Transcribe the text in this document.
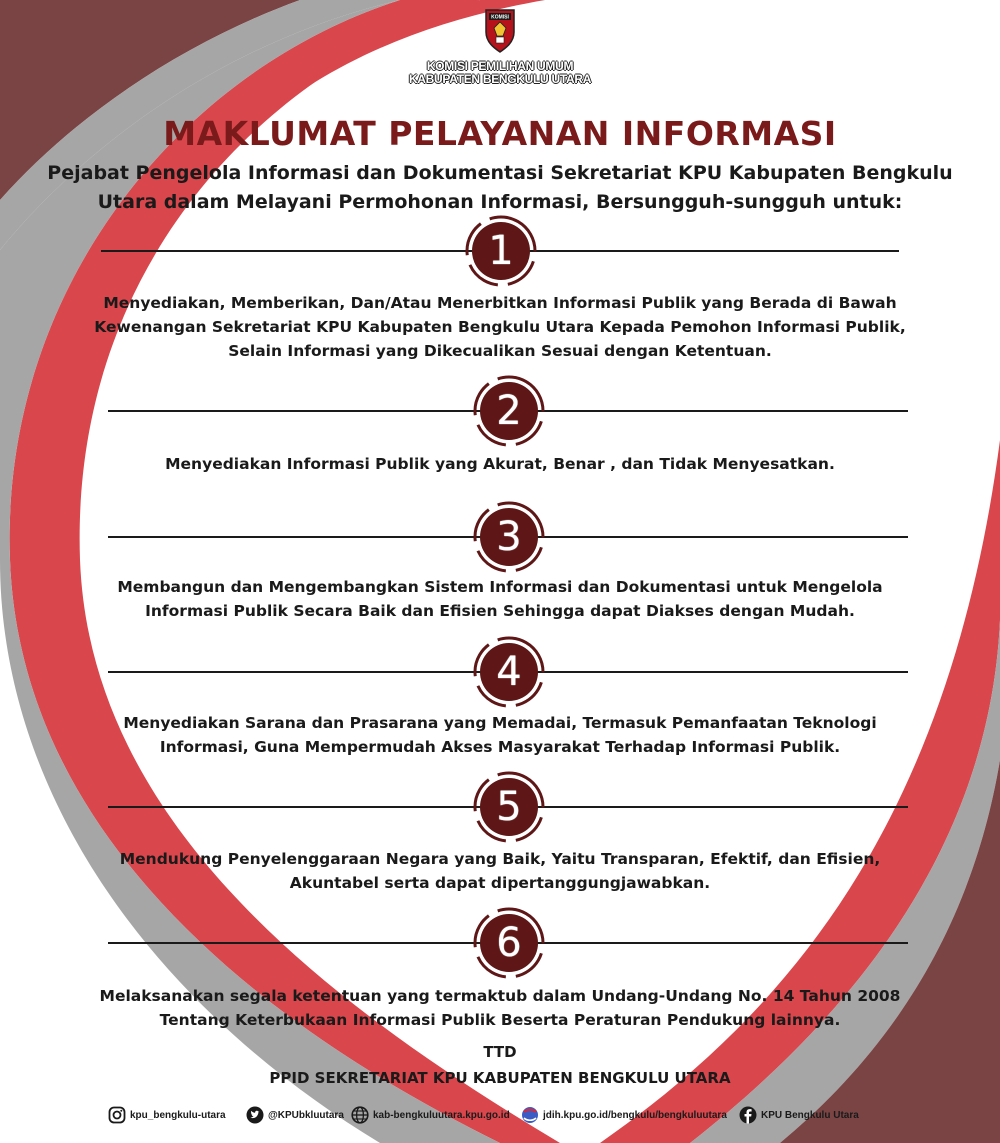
KOMISI
KOMISI PEMILIHAN UMUM
KABUPATEN BENGKULU UTARA
MAKLUMAT PELAYANAN INFORMASI
Pejabat Pengelola Informasi dan Dokumentasi Sekretariat KPU Kabupaten Bengkulu
Utara dalam Melayani Permohonan Informasi, Bersungguh-sungguh untuk:
1
Menyediakan, Memberikan, Dan/Atau Menerbitkan Informasi Publik yang Berada di Bawah
Kewenangan Sekretariat KPU Kabupaten Bengkulu Utara Kepada Pemohon Informasi Publik,
Selain Informasi yang Dikecualikan Sesuai dengan Ketentuan.
2
Menyediakan Informasi Publik yang Akurat, Benar , dan Tidak Menyesatkan.
3
Membangun dan Mengembangkan Sistem Informasi dan Dokumentasi untuk Mengelola
Informasi Publik Secara Baik dan Efisien Sehingga dapat Diakses dengan Mudah.
4
Menyediakan Sarana dan Prasarana yang Memadai, Termasuk Pemanfaatan Teknologi
Informasi, Guna Mempermudah Akses Masyarakat Terhadap Informasi Publik.
5
Mendukung Penyelenggaraan Negara yang Baik, Yaitu Transparan, Efektif, dan Efisien,
Akuntabel serta dapat dipertanggungjawabkan.
6
Melaksanakan segala ketentuan yang termaktub dalam Undang-Undang No. 14 Tahun 2008
Tentang Keterbukaan Informasi Publik Beserta Peraturan Pendukung lainnya.
TTD
PPID SEKRETARIAT KPU KABUPATEN BENGKULU UTARA
kpu_bengkulu-utara	@KPUbkluutara	kab-bengkuluutara.kpu.go.id	jdih.kpu.go.id/bengkulu/bengkuluutara	KPU Bengkulu Utara
